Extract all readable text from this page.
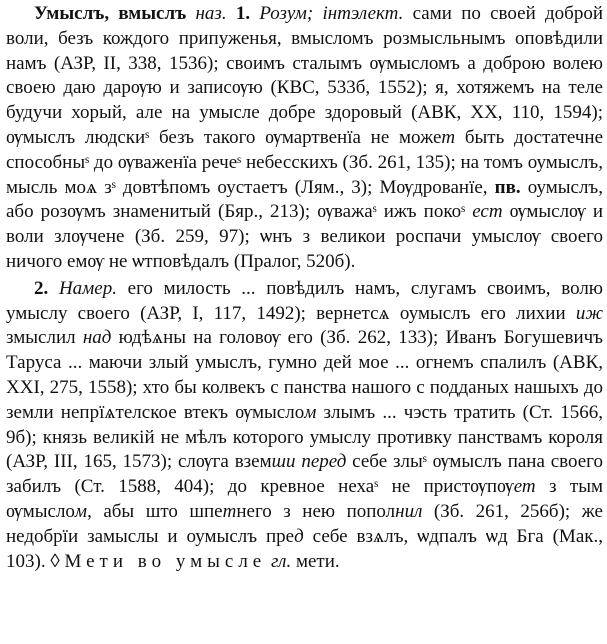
Умыслъ, вмыслъ наз. 1. Розум; інтэлект. сами по своей доброй воли, безъ кождого припуженья, вмысломъ розмысльнымъ оповѣдили намъ (АЗР, II, 338, 1536); своимъ сталымъ ѹмысломъ а доброю волею своею даю дарѹю и записѹю (КВС, 533б, 1552); я, хотяжемъ на теле будучи хорый, але на умысле добре здоровый (АВК, XX, 110, 1594); ѹмыслъ людскиˢ безъ такого ѹмартвенїа не может быть достатечне способныˢ до ѹваженїа речеˢ небесскихъ (Зб. 261, 135); на томъ оумыслъ, мысль моѧ зˢ довтѣпомъ оустаетъ (Лям., 3); Мѹдрованїе, пв. оумыслъ, або розѹмъ знаменитый (Бяр., 213); ѹважаˢ ижъ покоˢ ест ѹмыслѹ и воли злѹчене (Зб. 259, 97); ѡнъ з великои роспачи умыслѹ своего ничого емѹ не ѡтповѣдалъ (Пралог, 520б).

2. Намер. его милость ... повѣдилъ намъ, слугамъ своимъ, волю умыслу своего (АЗР, I, 117, 1492); вернетсѧ оумыслъ его лихии иж змыслил над юдѣѧны на головѹ его (Зб. 262, 133); Иванъ Богушевичъ Таруса ... маючи злый умыслъ, гумно дей мое ... огнемъ спалилъ (АВК, XXI, 275, 1558); хто бы колвекъ с панства нашого с подданых нашыхъ до земли непрїѧтелское втекъ ѹмыслом злымъ ... чэсть тратить (Ст. 1566, 9б); князь великій не мѣлъ которого умыслу противку панствамъ короля (АЗР, III, 165, 1573); слѹга вземши перед себе злыˢ ѹмыслъ пана своего забилъ (Ст. 1588, 404); до кревное нехаˢ не пристѹпѹет з тым ѹмыслом, абы што шпетнего з нею пополнил (Зб. 261, 256б); же недобрїи замыслы и оумыслъ пред себе взѧлъ, ѡдпалъ ѡд Бга (Мак., 103). ◊ Мети во умысле гл. мети.
